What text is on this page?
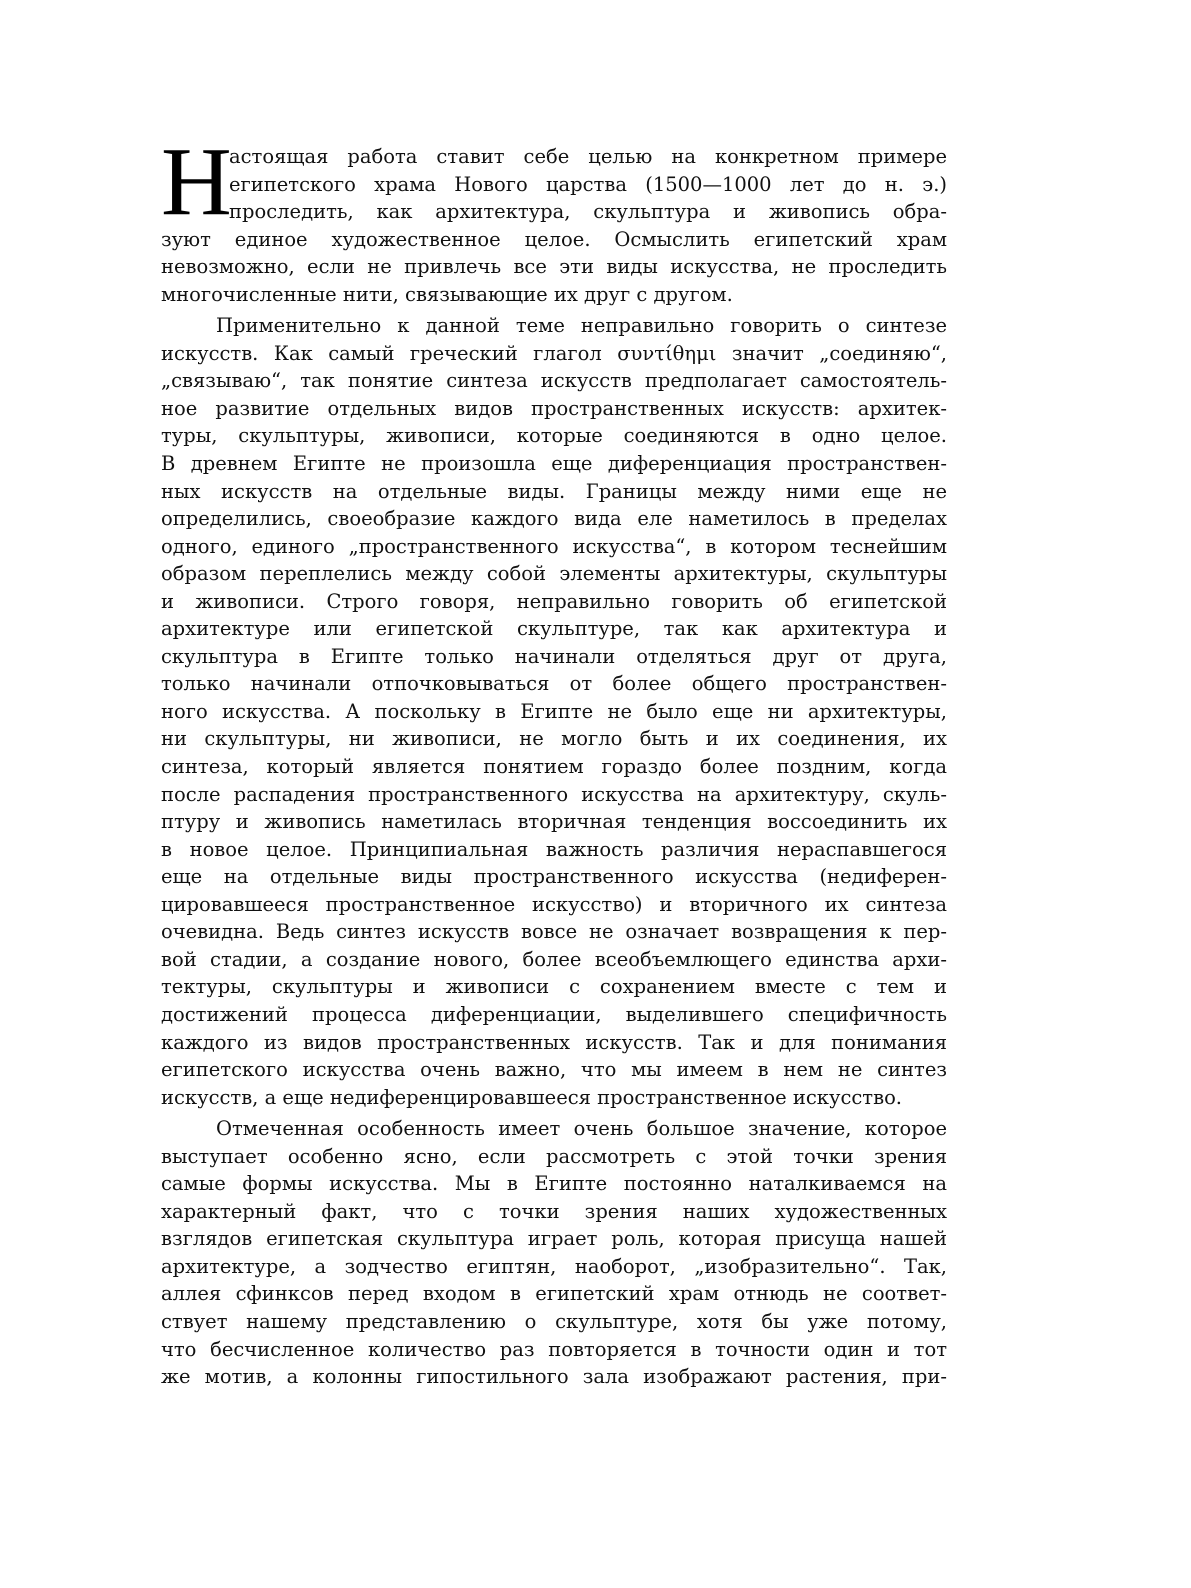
Н
астоящая работа ставит себе целью на конкретном примере
египетского храма Нового царства (1500—1000 лет до н. э.)
проследить, как архитектура, скульптура и живопись обра-
зуют единое художественное целое. Осмыслить египетский храм
невозможно, если не привлечь все эти виды искусства, не проследить
многочисленные нити, связывающие их друг с другом.
Применительно к данной теме неправильно говорить о синтезе
искусств. Как самый греческий глагол συντίθημι значит „соединяю“,
„связываю“, так понятие синтеза искусств предполагает самостоятель-
ное развитие отдельных видов пространственных искусств: архитек-
туры, скульптуры, живописи, которые соединяются в одно целое.
В древнем Египте не произошла еще диференциация пространствен-
ных искусств на отдельные виды. Границы между ними еще не
определились, своеобразие каждого вида еле наметилось в пределах
одного, единого „пространственного искусства“, в котором теснейшим
образом переплелись между собой элементы архитектуры, скульптуры
и живописи. Строго говоря, неправильно говорить об египетской
архитектуре или египетской скульптуре, так как архитектура и
скульптура в Египте только начинали отделяться друг от друга,
только начинали отпочковываться от более общего пространствен-
ного искусства. А поскольку в Египте не было еще ни архитектуры,
ни скульптуры, ни живописи, не могло быть и их соединения, их
синтеза, который является понятием гораздо более поздним, когда
после распадения пространственного искусства на архитектуру, скуль-
птуру и живопись наметилась вторичная тенденция воссоединить их
в новое целое. Принципиальная важность различия нераспавшегося
еще на отдельные виды пространственного искусства (недиферен-
цировавшееся пространственное искусство) и вторичного их синтеза
очевидна. Ведь синтез искусств вовсе не означает возвращения к пер-
вой стадии, а создание нового, более всеобъемлющего единства архи-
тектуры, скульптуры и живописи с сохранением вместе с тем и
достижений процесса диференциации, выделившего специфичность
каждого из видов пространственных искусств. Так и для понимания
египетского искусства очень важно, что мы имеем в нем не синтез
искусств, а еще недиференцировавшееся пространственное искусство.
Отмеченная особенность имеет очень большое значение, которое
выступает особенно ясно, если рассмотреть с этой точки зрения
самые формы искусства. Мы в Египте постоянно наталкиваемся на
характерный факт, что с точки зрения наших художественных
взглядов египетская скульптура играет роль, которая присуща нашей
архитектуре, а зодчество египтян, наоборот, „изобразительно“. Так,
аллея сфинксов перед входом в египетский храм отнюдь не соответ-
ствует нашему представлению о скульптуре, хотя бы уже потому,
что бесчисленное количество раз повторяется в точности один и тот
же мотив, а колонны гипостильного зала изображают растения, при-
